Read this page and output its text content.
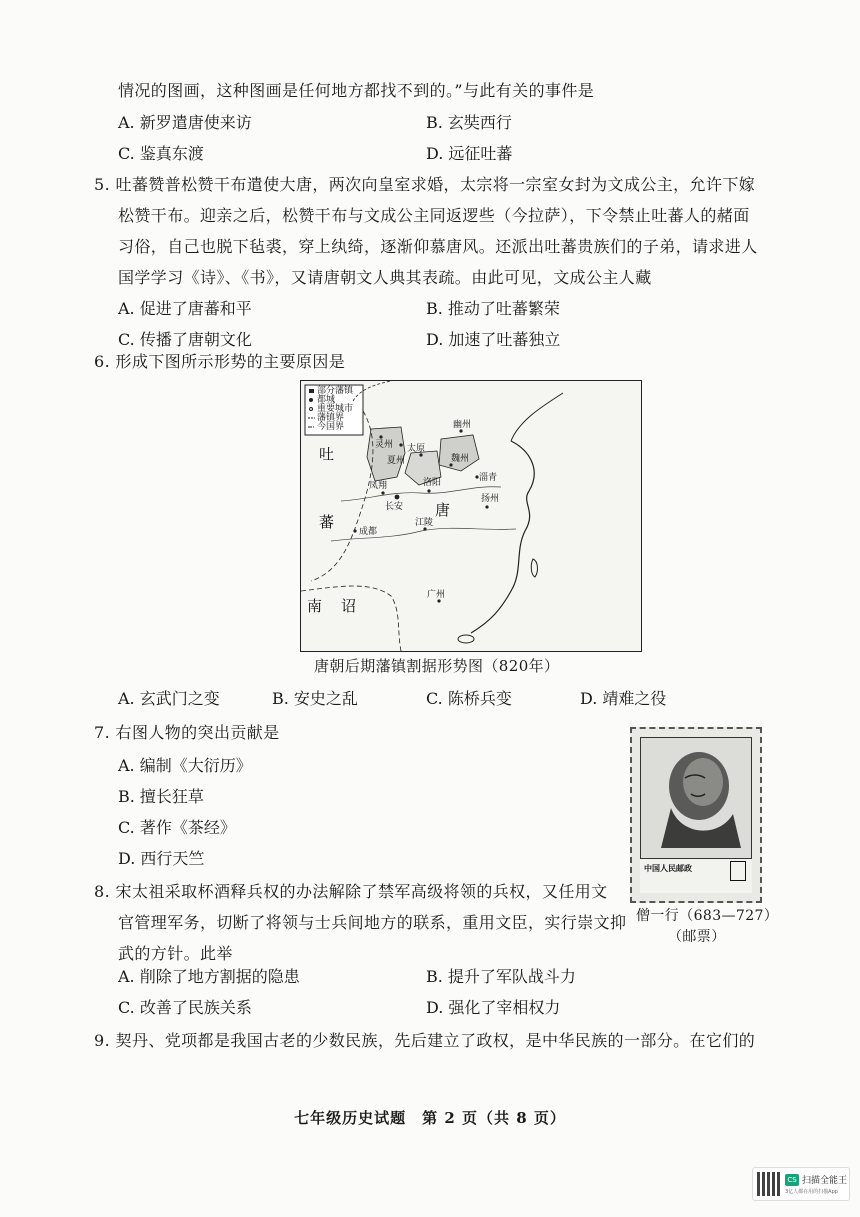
情况的图画，这种图画是任何地方都找不到的。”与此有关的事件是
A. 新罗遣唐使来访	B. 玄奘西行
C. 鉴真东渡	D. 远征吐蕃
5. 吐蕃赞普松赞干布遣使大唐，两次向皇室求婚，太宗将一宗室女封为文成公主，允许下嫁
松赞干布。迎亲之后，松赞干布与文成公主同返逻些（今拉萨），下令禁止吐蕃人的赭面
习俗，自己也脱下毡裘，穿上纨绮，逐渐仰慕唐风。还派出吐蕃贵族们的子弟，请求进人
国学学习《诗》、《书》，又请唐朝文人典其表疏。由此可见，文成公主人藏
A. 促进了唐蕃和平	B. 推动了吐蕃繁荣
C. 传播了唐朝文化	D. 加速了吐蕃独立
6. 形成下图所示形势的主要原因是
部分藩镇
都城
重要城市
藩镇界
今国界
吐
蕃
唐
南 诏
长安
洛阳
太原
幽州
魏州
成都
江陵
扬州
凤翔
灵州
广州
淄青
夏州
唐朝后期藩镇割据形势图（820年）
A. 玄武门之变	B. 安史之乱	C. 陈桥兵变	D. 靖难之役
7. 右图人物的突出贡献是
A. 编制《大衍历》
B. 擅长狂草
C. 著作《茶经》
D. 西行天竺
中国人民邮政
僧一行（683—727）
（邮票）
8. 宋太祖采取杯酒释兵权的办法解除了禁军高级将领的兵权，又任用文
官管理军务，切断了将领与士兵间地方的联系，重用文臣，实行崇文抑
武的方针。此举
A. 削除了地方割据的隐患	B. 提升了军队战斗力
C. 改善了民族关系	D. 强化了宰相权力
9. 契丹、党项都是我国古老的少数民族，先后建立了政权，是中华民族的一部分。在它们的
七年级历史试题　第 2 页（共 8 页）
CS 扫描全能王
3亿人都在用的扫描App
